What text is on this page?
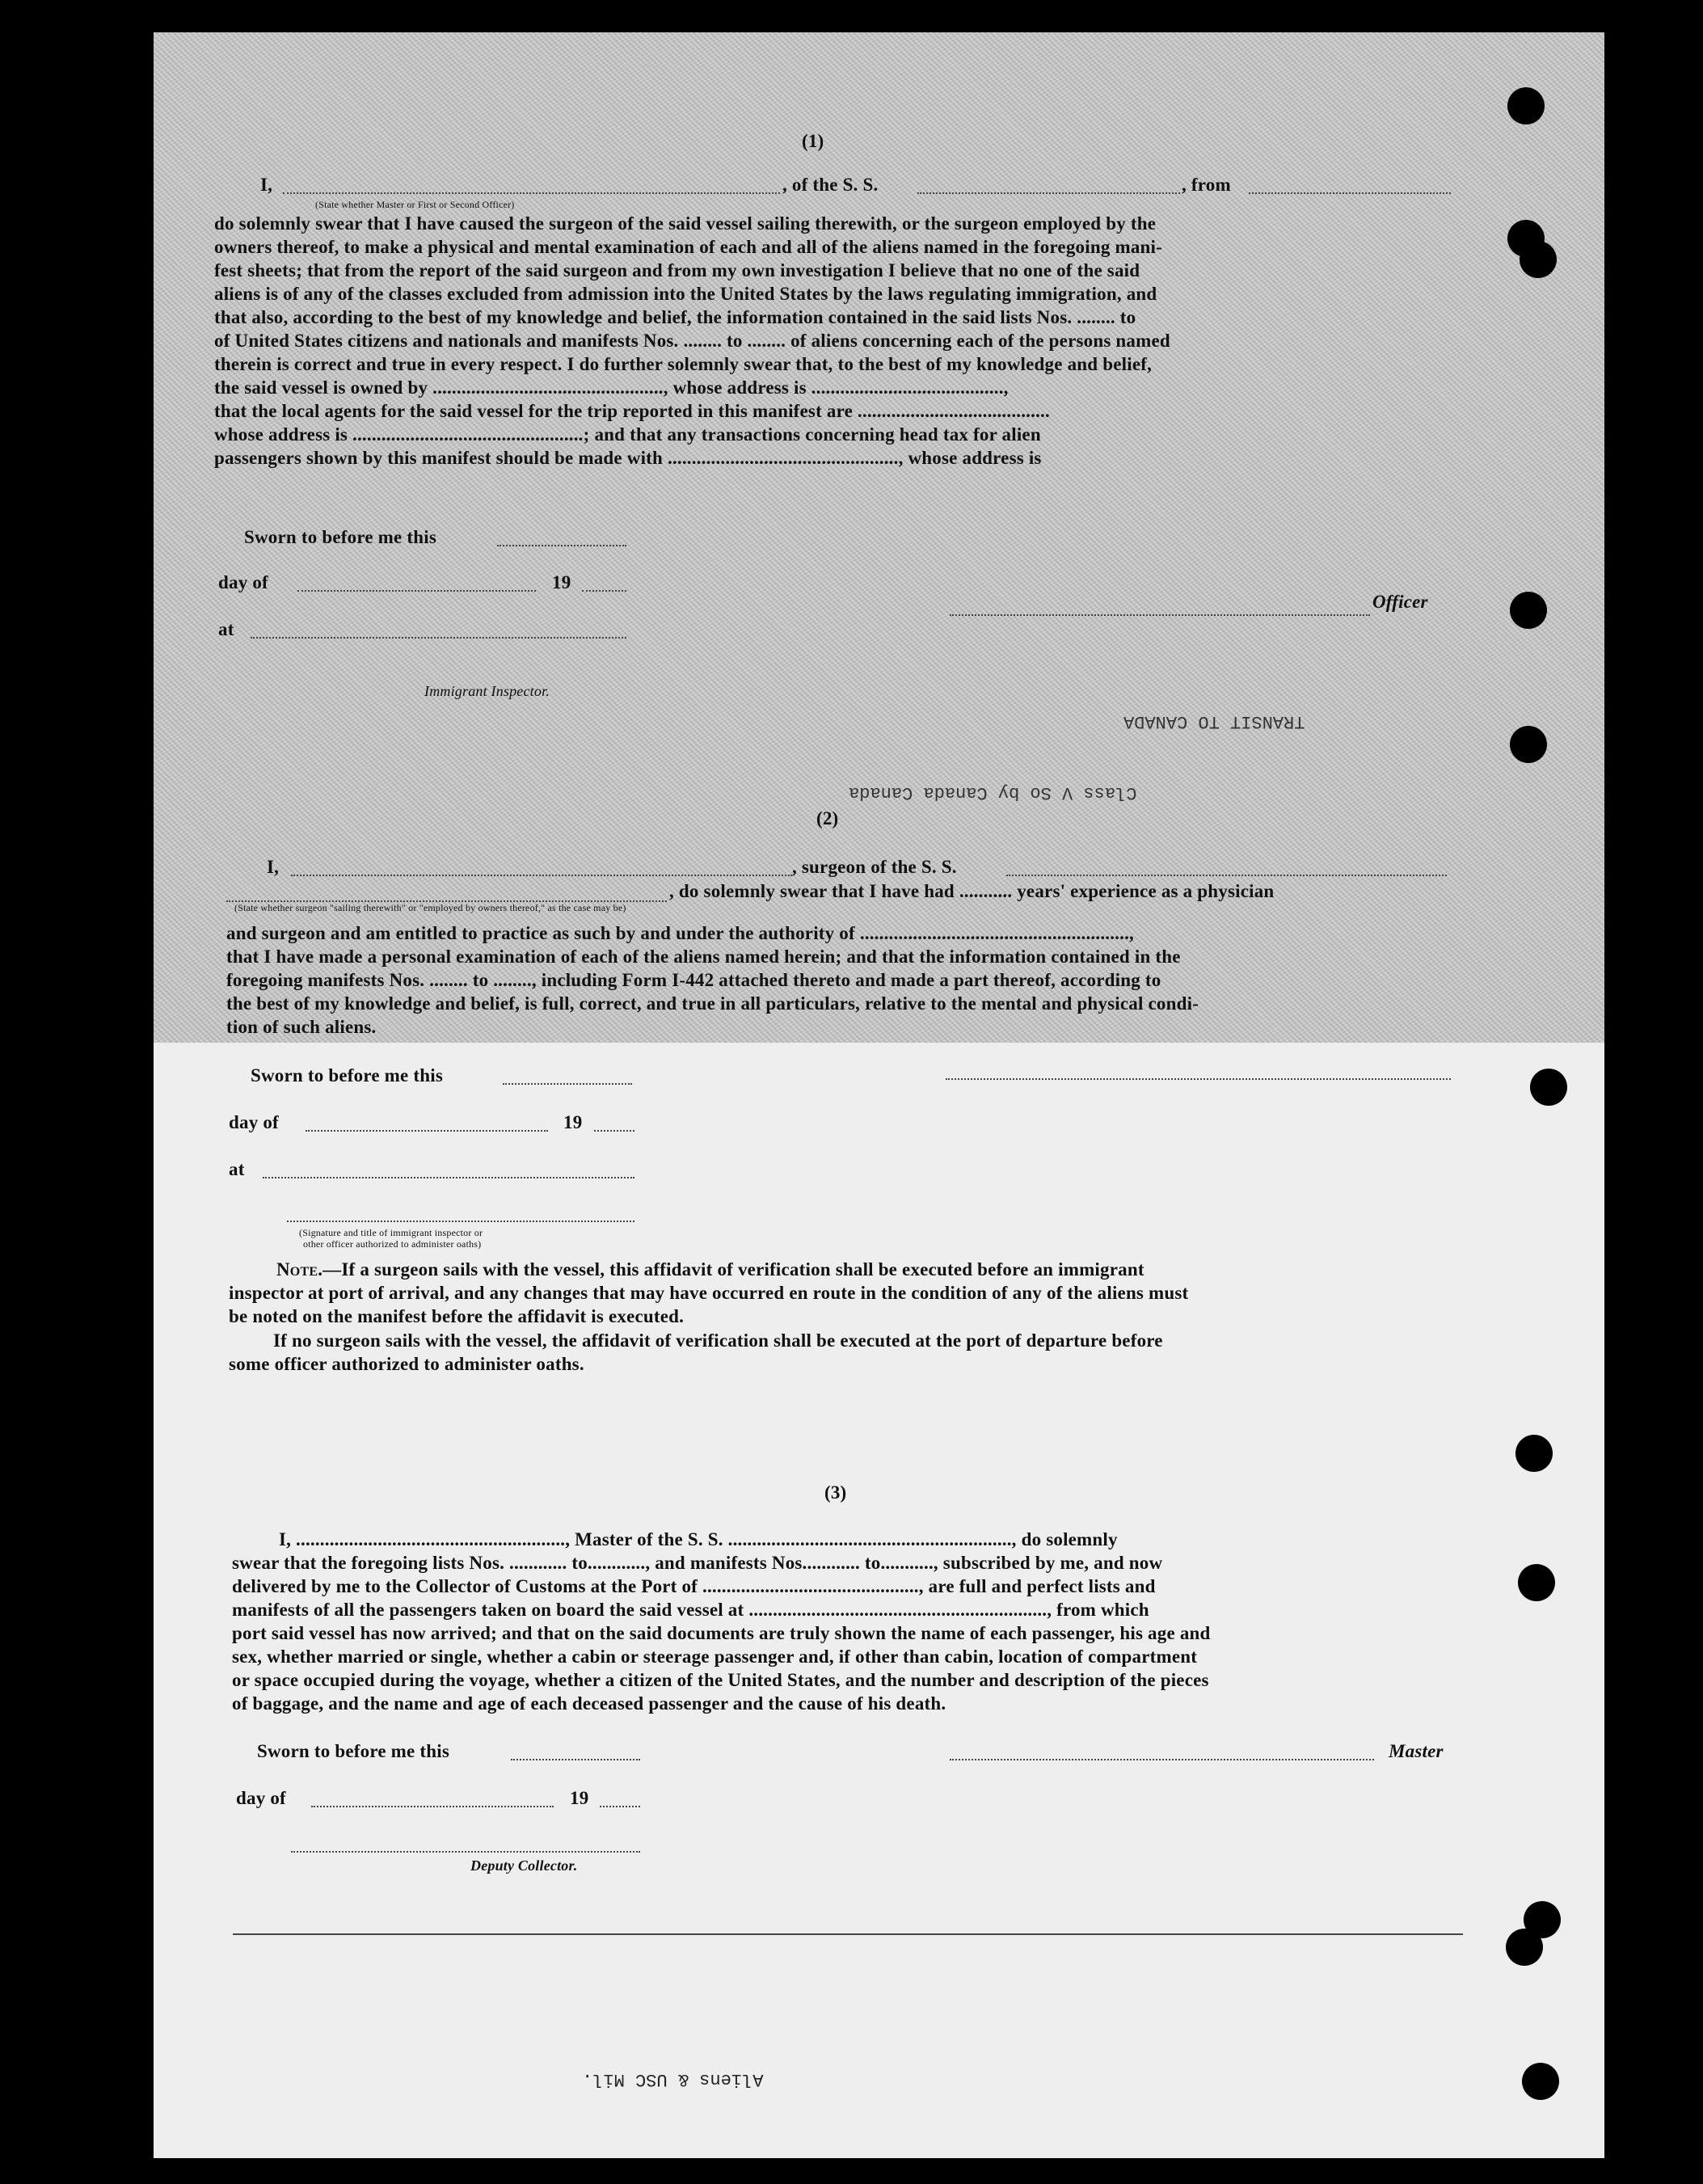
(1)
I,	, of the S. S.	, from
(State whether Master or First or Second Officer)
do solemnly swear that I have caused the surgeon of the said vessel sailing therewith, or the surgeon employed by the
owners thereof, to make a physical and mental examination of each and all of the aliens named in the foregoing mani-
fest sheets; that from the report of the said surgeon and from my own investigation I believe that no one of the said
aliens is of any of the classes excluded from admission into the United States by the laws regulating immigration, and
that also, according to the best of my knowledge and belief, the information contained in the said lists Nos. ........ to
of United States citizens and nationals and manifests Nos. ........ to ........ of aliens concerning each of the persons named
therein is correct and true in every respect. I do further solemnly swear that, to the best of my knowledge and belief,
the said vessel is owned by ................................................, whose address is ........................................,
that the local agents for the said vessel for the trip reported in this manifest are ........................................
whose address is ................................................; and that any transactions concerning head tax for alien
passengers shown by this manifest should be made with ................................................, whose address is
Sworn to before me this
day of	19
at
Officer
Immigrant Inspector.
Class V So by Canada Canada
TRANSIT TO CANADA
(2)
I,	, surgeon of the S. S.
, do solemnly swear that I have had ........... years' experience as a physician
(State whether surgeon "sailing therewith" or "employed by owners thereof," as the case may be)
and surgeon and am entitled to practice as such by and under the authority of ........................................................,
that I have made a personal examination of each of the aliens named herein; and that the information contained in the
foregoing manifests Nos. ........ to ........, including Form I-442 attached thereto and made a part thereof, according to
the best of my knowledge and belief, is full, correct, and true in all particulars, relative to the mental and physical condi-
tion of such aliens.
Sworn to before me this
day of	19
at
(Signature and title of immigrant inspector or
other officer authorized to administer oaths)
Note.—If a surgeon sails with the vessel, this affidavit of verification shall be executed before an immigrant
inspector at port of arrival, and any changes that may have occurred en route in the condition of any of the aliens must
be noted on the manifest before the affidavit is executed.
If no surgeon sails with the vessel, the affidavit of verification shall be executed at the port of departure before
some officer authorized to administer oaths.
(3)
I, ........................................................, Master of the S. S. ..........................................................., do solemnly
swear that the foregoing lists Nos. ............ to............, and manifests Nos............ to..........., subscribed by me, and now
delivered by me to the Collector of Customs at the Port of ............................................., are full and perfect lists and
manifests of all the passengers taken on board the said vessel at .............................................................., from which
port said vessel has now arrived; and that on the said documents are truly shown the name of each passenger, his age and
sex, whether married or single, whether a cabin or steerage passenger and, if other than cabin, location of compartment
or space occupied during the voyage, whether a citizen of the United States, and the number and description of the pieces
of baggage, and the name and age of each deceased passenger and the cause of his death.
Sworn to before me this	Master
day of	19
Deputy Collector.
Aliens & USC Mil.
